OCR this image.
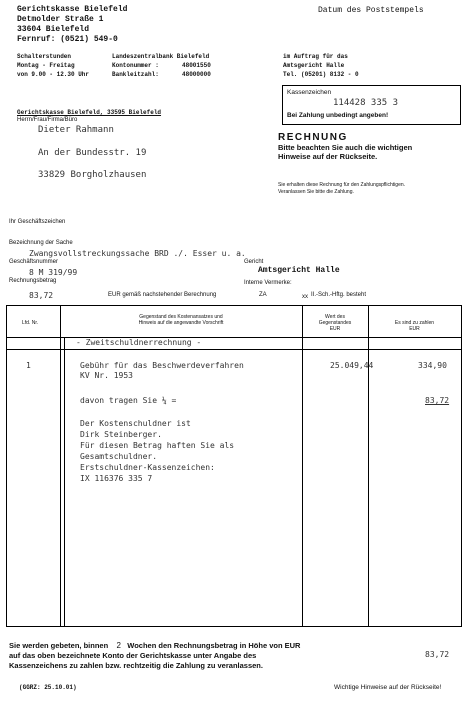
Gerichtskasse Bielefeld
Detmolder Straße 1
33604 Bielefeld
Fernruf: (0521) 549-0
Datum des Poststempels
Schalterstunden
Montag - Freitag
von 9.00 - 12.30 Uhr
Landeszentralbank Bielefeld
Kontonummer :	48001550
Bankleitzahl:	48000000
im Auftrag für das
Amtsgericht Halle
Tel. (05201) 8132 - 0
Kassenzeichen
114428 335 3
Bei Zahlung unbedingt angeben!
Gerichtskasse Bielefeld, 33595 Bielefeld
Herrn/Frau/Firma/Büro
Dieter Rahmann
An der Bundesstr. 19
33829 Borgholzhausen
RECHNUNG
Bitte beachten Sie auch die wichtigen
Hinweise auf der Rückseite.
Sie erhalten diese Rechnung für den Zahlungspflichtigen.
Veranlassen Sie bitte die Zahlung.
Ihr Geschäftszeichen
Bezeichnung der Sache
Zwangsvollstreckungssache BRD ./. Esser u. a.
Geschäftsnummer	Gericht
8 M 319/99	Amtsgericht Halle
Rechnungsbetrag	Interne Vermerke:
83,72	EUR gemäß nachstehender Berechnung	ZA	xx II.-Sch.-Hftg. besteht
Lfd. Nr.
Gegenstand des Kostenansatzes und
Hinweis auf die angewandte Vorschrift
Wert des
Gegenstandes
EUR
Es sind zu zahlen
EUR
- Zweitschuldnerrechnung -
1	Gebühr für das Beschwerdeverfahren
KV Nr. 1953
25.049,44	334,90
davon tragen Sie ¼ =	83,72
Der Kostenschuldner ist
Dirk Steinberger.
Für diesen Betrag haften Sie als
Gesamtschuldner.
Erstschuldner-Kassenzeichen:
IX 116376 335 7
Sie werden gebeten, binnen 2 Wochen den Rechnungsbetrag in Höhe von EUR
auf das oben bezeichnete Konto der Gerichtskasse unter Angabe des
Kassenzeichens zu zahlen bzw. rechtzeitig die Zahlung zu veranlassen.
83,72
(GGRZ: 25.10.01)	Wichtige Hinweise auf der Rückseite!
